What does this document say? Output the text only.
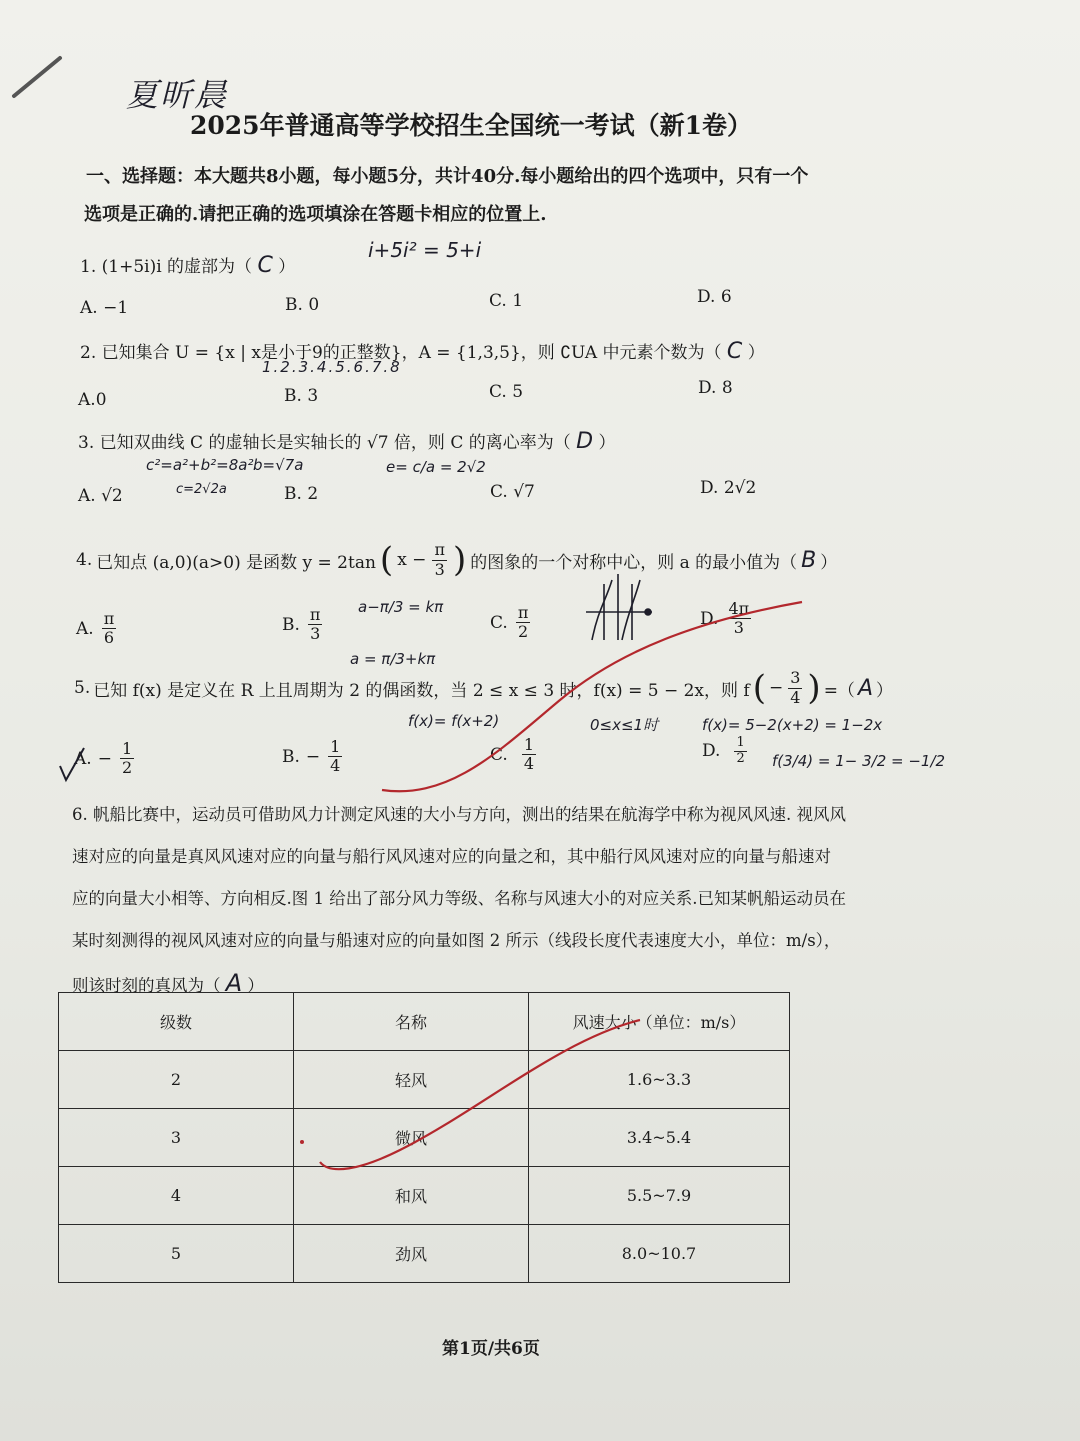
夏昕晨
2025年普通高等学校招生全国统一考试（新1卷）
一、选择题：本大题共8小题，每小题5分，共计40分.每小题给出的四个选项中，只有一个
选项是正确的.请把正确的选项填涂在答题卡相应的位置上.
1. (1+5i)i 的虚部为（ C ）
i+5i² = 5+i
A. −1	B. 0	C. 1	D. 6
2. 已知集合 U = {x | x是小于9的正整数}，A = {1,3,5}，则 ∁UA 中元素个数为（ C ）
1.2.3.4.5.6.7.8
A.0	B. 3	C. 5	D. 8
3. 已知双曲线 C 的虚轴长是实轴长的 √7 倍，则 C 的离心率为（ D ）
c²=a²+b²=8a² b=√7a
c=2√2a
e= c/a = 2√2
A. √2	B. 2	C. √7	D. 2√2
4. 已知点 (a,0)(a>0) 是函数 y = 2tan ( $x - \frac{\pi}{3}$ ) 的图象的一个对称中心，则 a 的最小值为（ B ）
a−π/3 = kπ
a = π/3+kπ
A. $\frac{\pi}{6}$	B. $\frac{\pi}{3}$	C. $\frac{\pi}{2}$	D. $\frac{4\pi}{3}$
5. 已知 f(x) 是定义在 R 上且周期为 2 的偶函数，当 2 ≤ x ≤ 3 时，f(x) = 5 − 2x，则 f ( − $\frac{3}{4}$ ) =（ A ）
f(x)= f(x+2)	0≤x≤1时	f(x)= 5−2(x+2) = 1−2x
f(3/4) = 1− 3/2 = −1/2
A. − $\frac{1}{2}$	B. − $\frac{1}{4}$	C. $\frac{1}{4}$	D. $\frac{1}{2}$
6. 帆船比赛中，运动员可借助风力计测定风速的大小与方向，测出的结果在航海学中称为视风风速. 视风风
速对应的向量是真风风速对应的向量与船行风风速对应的向量之和，其中船行风风速对应的向量与船速对
应的向量大小相等、方向相反.图 1 给出了部分风力等级、名称与风速大小的对应关系.已知某帆船运动员在
某时刻测得的视风风速对应的向量与船速对应的向量如图 2 所示（线段长度代表速度大小，单位：m/s），
则该时刻的真风为（ A ）
级数	名称	风速大小（单位：m/s）
2	轻风	1.6~3.3
3	微风	3.4~5.4
4	和风	5.5~7.9
5	劲风	8.0~10.7
第1页/共6页
